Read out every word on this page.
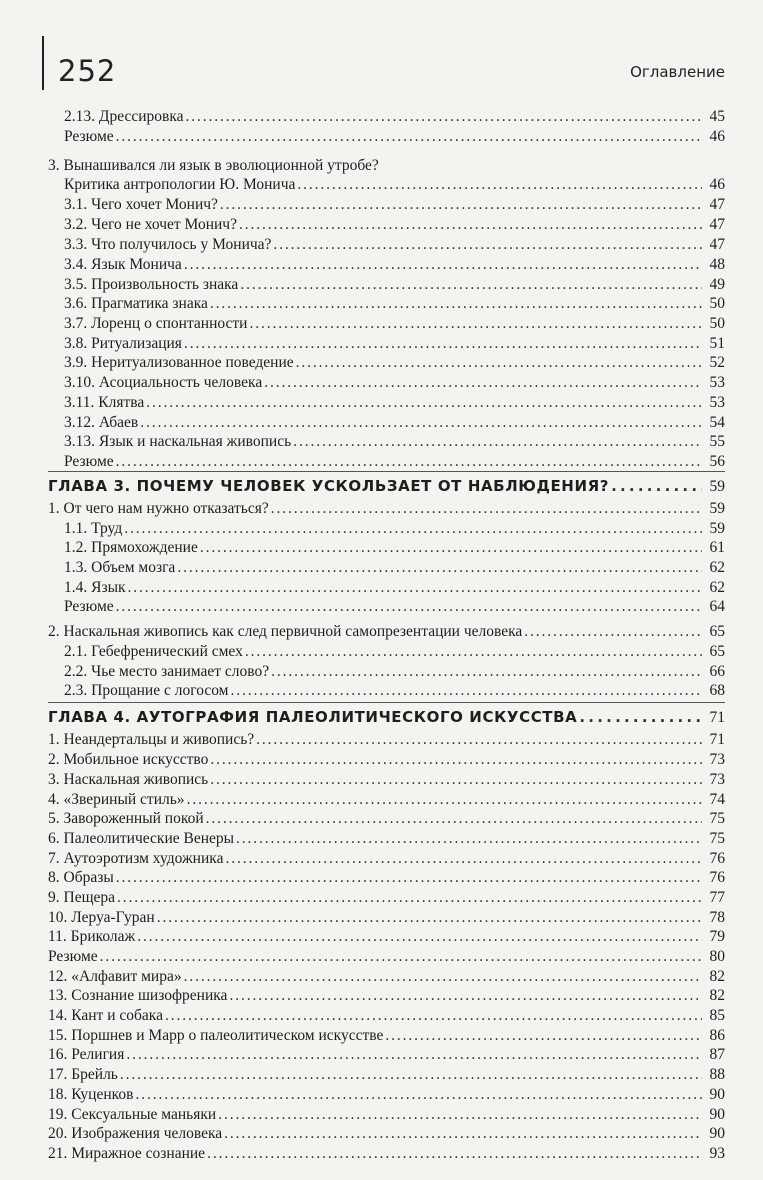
252	Оглавление
2.13. Дрессировка . . .	45
Резюме . . .	46
3. Вынашивался ли язык в эволюционной утробе?
Критика антропологии Ю. Монича . . .	46
3.1. Чего хочет Монич? . . .	47
3.2. Чего не хочет Монич? . . .	47
3.3. Что получилось у Монича? . . .	47
3.4. Язык Монича . . .	48
3.5. Произвольность знака . . .	49
3.6. Прагматика знака . . .	50
3.7. Лоренц о спонтанности . . .	50
3.8. Ритуализация . . .	51
3.9. Неритуализованное поведение . . .	52
3.10. Асоциальность человека . . .	53
3.11. Клятва . . .	53
3.12. Абаев . . .	54
3.13. Язык и наскальная живопись . . .	55
Резюме . . .	56
ГЛАВА 3. ПОЧЕМУ ЧЕЛОВЕК УСКОЛЬЗАЕТ ОТ НАБЛЮДЕНИЯ? . . .	59
1. От чего нам нужно отказаться? . . .	59
1.1. Труд . . .	59
1.2. Прямохождение . . .	61
1.3. Объем мозга . . .	62
1.4. Язык . . .	62
Резюме . . .	64
2. Наскальная живопись как след первичной самопрезентации человека . . .	65
2.1. Гебефренический смех . . .	65
2.2. Чье место занимает слово? . . .	66
2.3. Прощание с логосом . . .	68
ГЛАВА 4. АУТОГРАФИЯ ПАЛЕОЛИТИЧЕСКОГО ИСКУССТВА . . .	71
1. Неандертальцы и живопись? . . .	71
2. Мобильное искусство . . .	73
3. Наскальная живопись . . .	73
4. «Звериный стиль» . . .	74
5. Завороженный покой . . .	75
6. Палеолитические Венеры . . .	75
7. Аутоэротизм художника . . .	76
8. Образы . . .	76
9. Пещера . . .	77
10. Леруа-Гуран . . .	78
11. Бриколаж . . .	79
Резюме . . .	80
12. «Алфавит мира» . . .	82
13. Сознание шизофреника . . .	82
14. Кант и собака . . .	85
15. Поршнев и Марр о палеолитическом искусстве . . .	86
16. Религия . . .	87
17. Брейль . . .	88
18. Куценков . . .	90
19. Сексуальные маньяки . . .	90
20. Изображения человека . . .	90
21. Миражное сознание . . .	93
